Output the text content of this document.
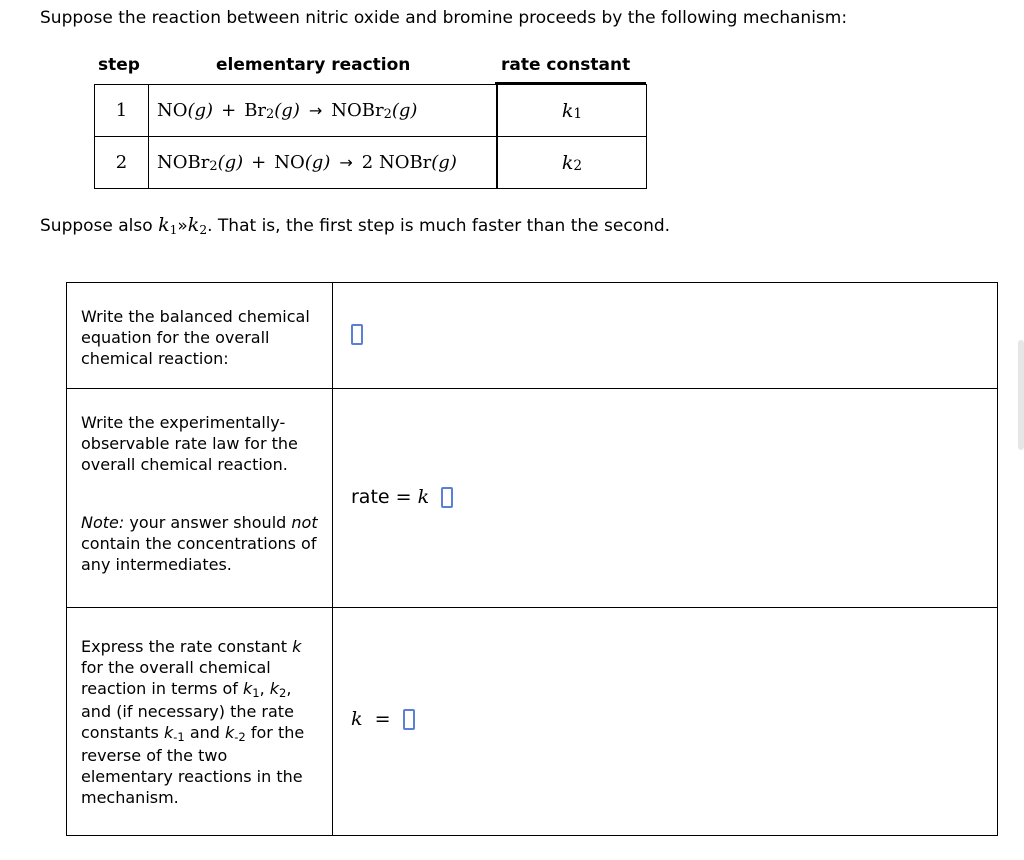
Suppose the reaction between nitric oxide and bromine proceeds by the following mechanism:
step	elementary reaction	rate constant
1	NO (g) + Br 2 (g) → NOBr 2 (g)	k 1
2	NOBr 2 (g) + NO (g) → 2 NOBr (g)	k 2
Suppose also $k_1»k_2$. That is, the first step is much faster than the second.
Write the balanced chemical equation for the overall chemical reaction:
Write the experimentally-observable rate law for the overall chemical reaction.
Note: your answer should not contain the concentrations of any intermediates.
rate = k
Express the rate constant k for the overall chemical reaction in terms of $k_1$, $k_2$, and (if necessary) the rate constants $k_{-1}$ and $k_{-2}$ for the reverse of the two elementary reactions in the mechanism.
k =
